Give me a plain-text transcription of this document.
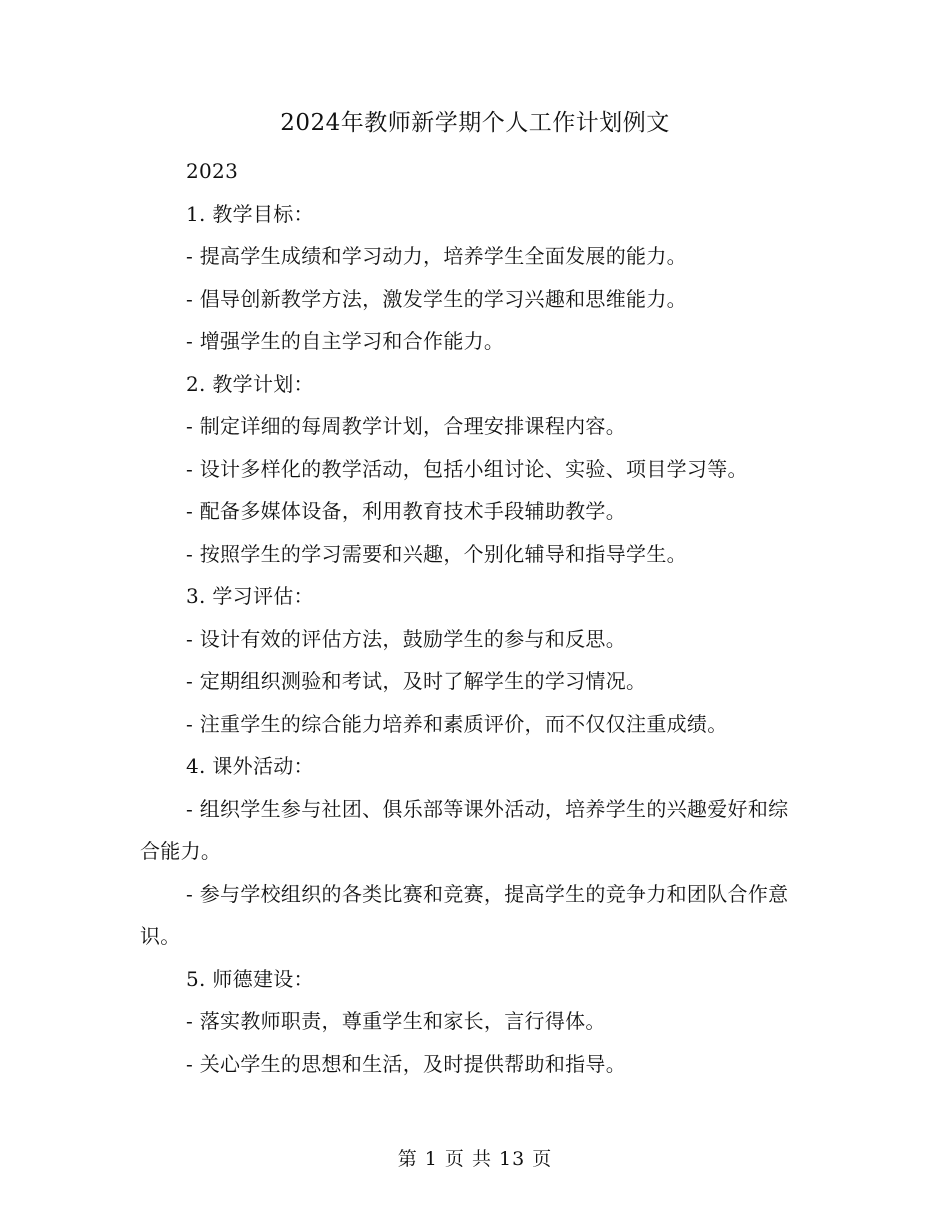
2024年教师新学期个人工作计划例文

2023

1. 教学目标：

- 提高学生成绩和学习动力，培养学生全面发展的能力。

- 倡导创新教学方法，激发学生的学习兴趣和思维能力。

- 增强学生的自主学习和合作能力。

2. 教学计划：

- 制定详细的每周教学计划，合理安排课程内容。

- 设计多样化的教学活动，包括小组讨论、实验、项目学习等。

- 配备多媒体设备，利用教育技术手段辅助教学。

- 按照学生的学习需要和兴趣，个别化辅导和指导学生。

3. 学习评估：

- 设计有效的评估方法，鼓励学生的参与和反思。

- 定期组织测验和考试，及时了解学生的学习情况。

- 注重学生的综合能力培养和素质评价，而不仅仅注重成绩。

4. 课外活动：

- 组织学生参与社团、俱乐部等课外活动，培养学生的兴趣爱好和综合能力。

- 参与学校组织的各类比赛和竞赛，提高学生的竞争力和团队合作意识。

5. 师德建设：

- 落实教师职责，尊重学生和家长，言行得体。

- 关心学生的思想和生活，及时提供帮助和指导。

第 1 页 共 13 页
